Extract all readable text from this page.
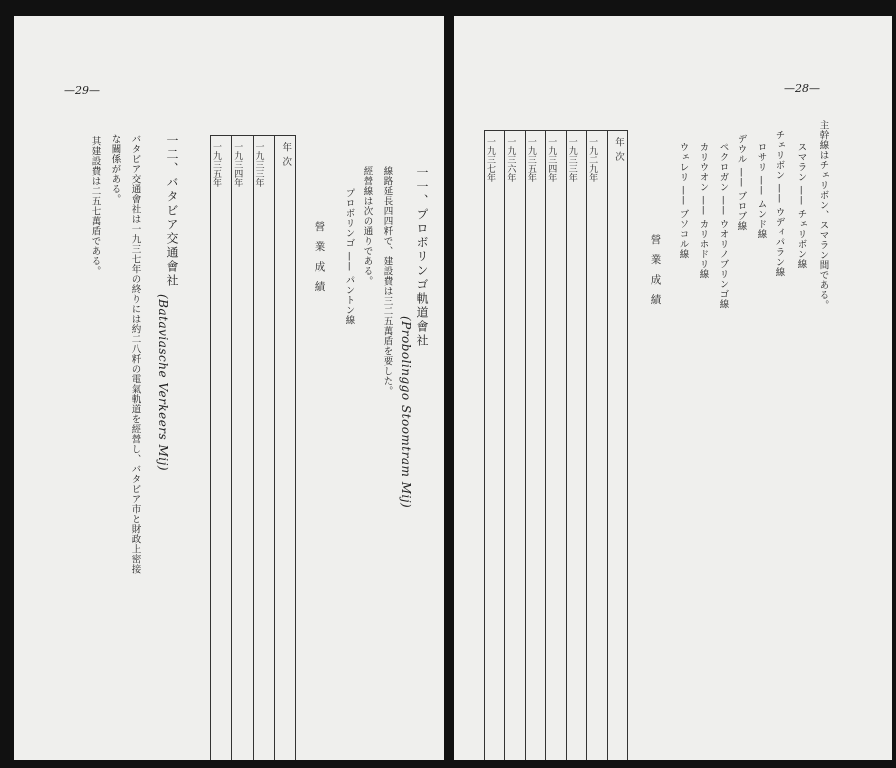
—29—
一一、プロボリンゴ軌道會社
(Probolinggo Stoomtram Mij)
線路延長四四粁で、建設費は三二五萬盾を要した。
經營線は次の通りである。
プロボリンゴ —— パントン線
營 業 成 績
一九三五年	一九三四年	一九三三年	年 次

一二、バタビア交通會社
(Bataviasche Verkeers Mij)
バタビア交通會社は一九三七年の終りには約二八粁の電氣軌道を經營し、バタビア市と財政上密接
な關係がある。
其建設費は二五七萬盾である。
—28—
主幹線はチェリボン、スマラン間である。
スマラン —— チェリボン線
チェリボン —— ウディパラン線
ロサリ —— ムンド線
デウル —— ブロブ線
ペクロガン —— ウオリノブリンゴ線
カリウオン —— カリホドリ線
ウェレリ —— ブソコル線
營 業 成 績
一九三七年	一九三六年	一九三五年	一九三四年	一九三三年	一九二九年	年 次
